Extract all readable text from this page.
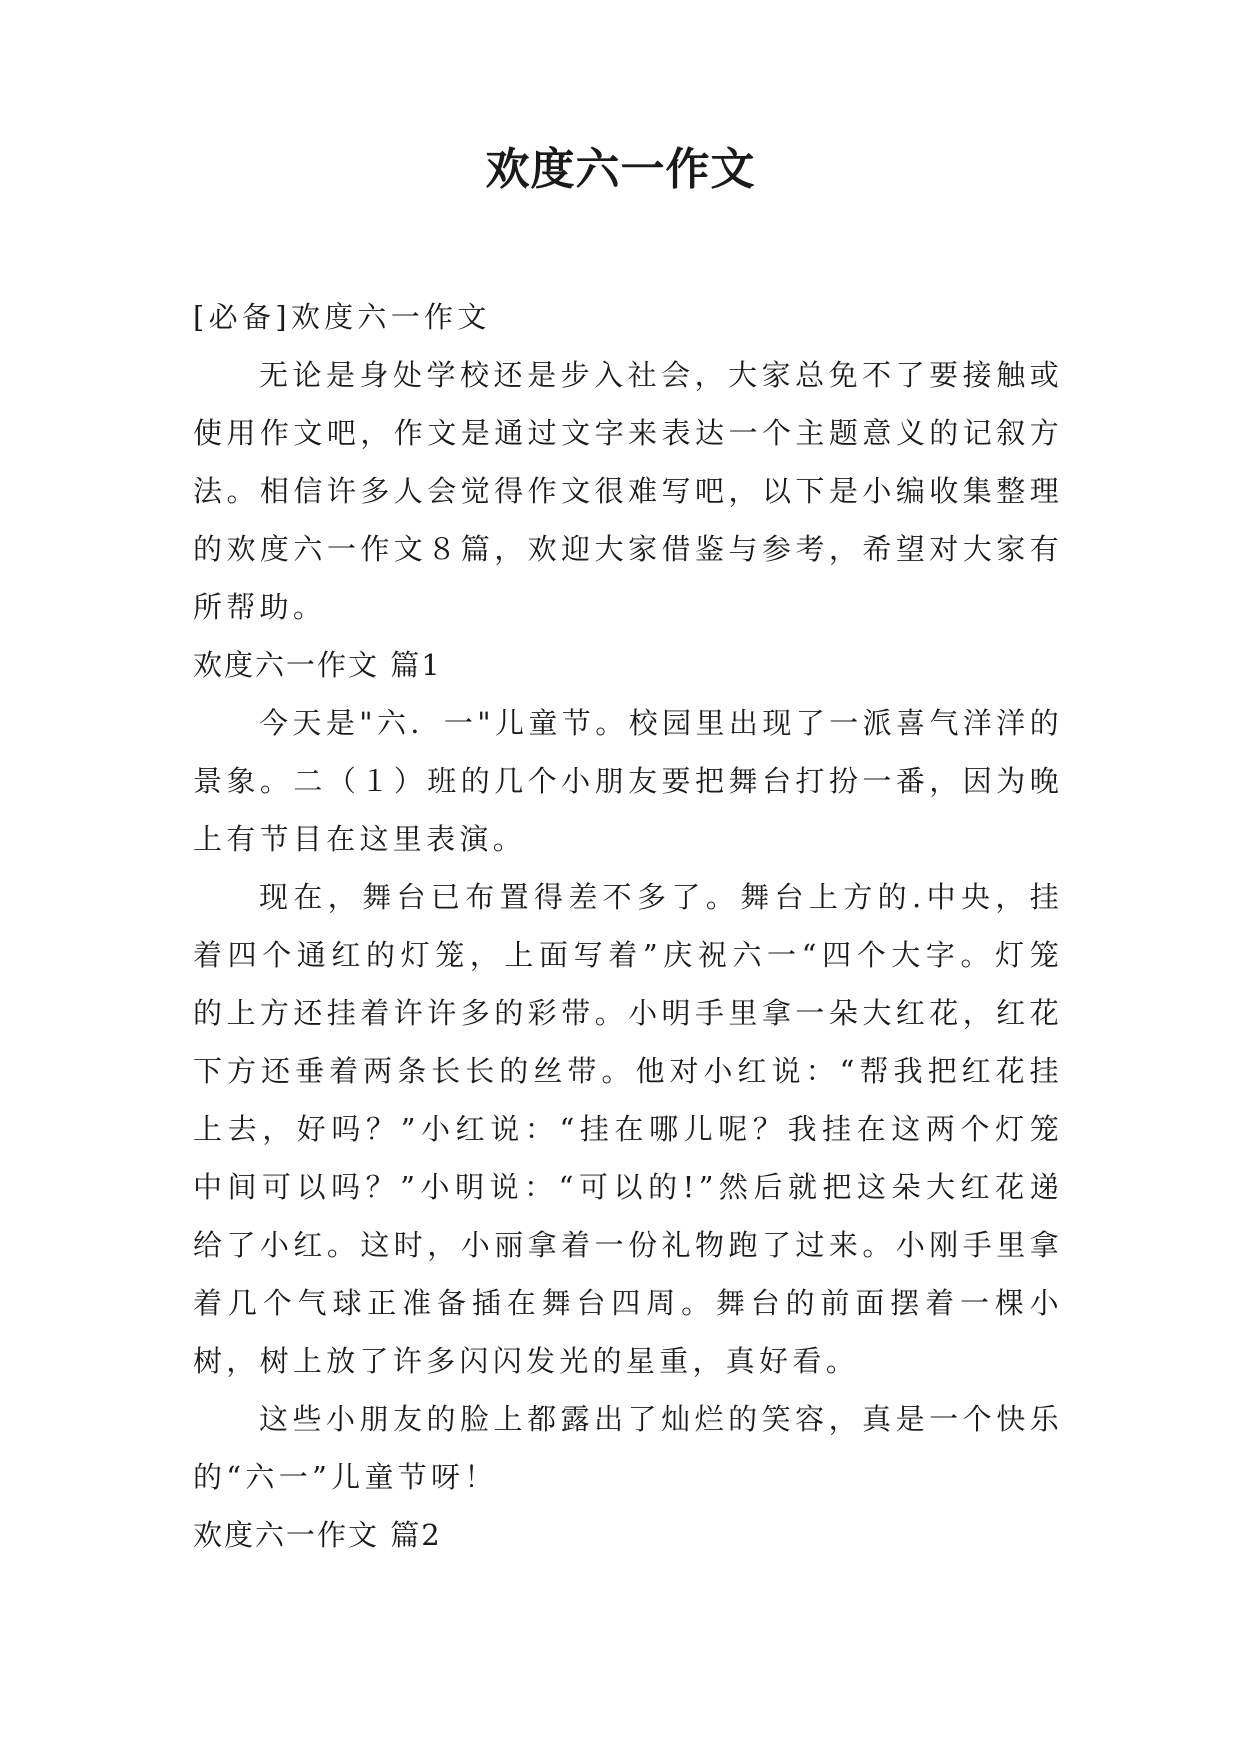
欢度六一作文

[必备]欢度六一作文

无论是身处学校还是步入社会，大家总免不了要接触或使用作文吧，作文是通过文字来表达一个主题意义的记叙方法。相信许多人会觉得作文很难写吧，以下是小编收集整理的欢度六一作文８篇，欢迎大家借鉴与参考，希望对大家有所帮助。

欢度六一作文 篇1

今天是"六．一"儿童节。校园里出现了一派喜气洋洋的景象。二（１）班的几个小朋友要把舞台打扮一番，因为晚上有节目在这里表演。

现在，舞台已布置得差不多了。舞台上方的.中央，挂着四个通红的灯笼，上面写着”庆祝六一“四个大字。灯笼的上方还挂着许许多的彩带。小明手里拿一朵大红花，红花下方还垂着两条长长的丝带。他对小红说：“帮我把红花挂上去，好吗？”小红说：“挂在哪儿呢？我挂在这两个灯笼中间可以吗？”小明说：“可以的!”然后就把这朵大红花递给了小红。这时，小丽拿着一份礼物跑了过来。小刚手里拿着几个气球正准备插在舞台四周。舞台的前面摆着一棵小树，树上放了许多闪闪发光的星重，真好看。

这些小朋友的脸上都露出了灿烂的笑容，真是一个快乐的“六一”儿童节呀！

欢度六一作文 篇2
